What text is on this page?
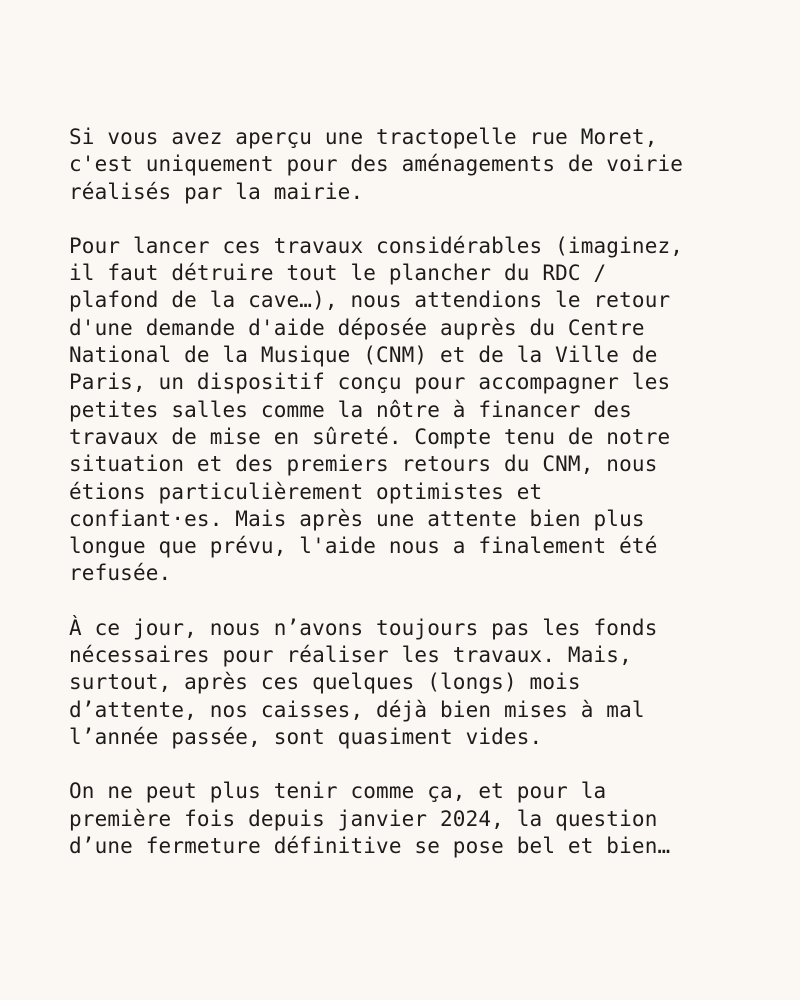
Si vous avez aperçu une tractopelle rue Moret,
c'est uniquement pour des aménagements de voirie
réalisés par la mairie.

Pour lancer ces travaux considérables (imaginez,
il faut détruire tout le plancher du RDC /
plafond de la cave…), nous attendions le retour
d'une demande d'aide déposée auprès du Centre
National de la Musique (CNM) et de la Ville de
Paris, un dispositif conçu pour accompagner les
petites salles comme la nôtre à financer des
travaux de mise en sûreté. Compte tenu de notre
situation et des premiers retours du CNM, nous
étions particulièrement optimistes et
confiant·es. Mais après une attente bien plus
longue que prévu, l'aide nous a finalement été
refusée.

À ce jour, nous n’avons toujours pas les fonds
nécessaires pour réaliser les travaux. Mais,
surtout, après ces quelques (longs) mois
d’attente, nos caisses, déjà bien mises à mal
l’année passée, sont quasiment vides.

On ne peut plus tenir comme ça, et pour la
première fois depuis janvier 2024, la question
d’une fermeture définitive se pose bel et bien…
